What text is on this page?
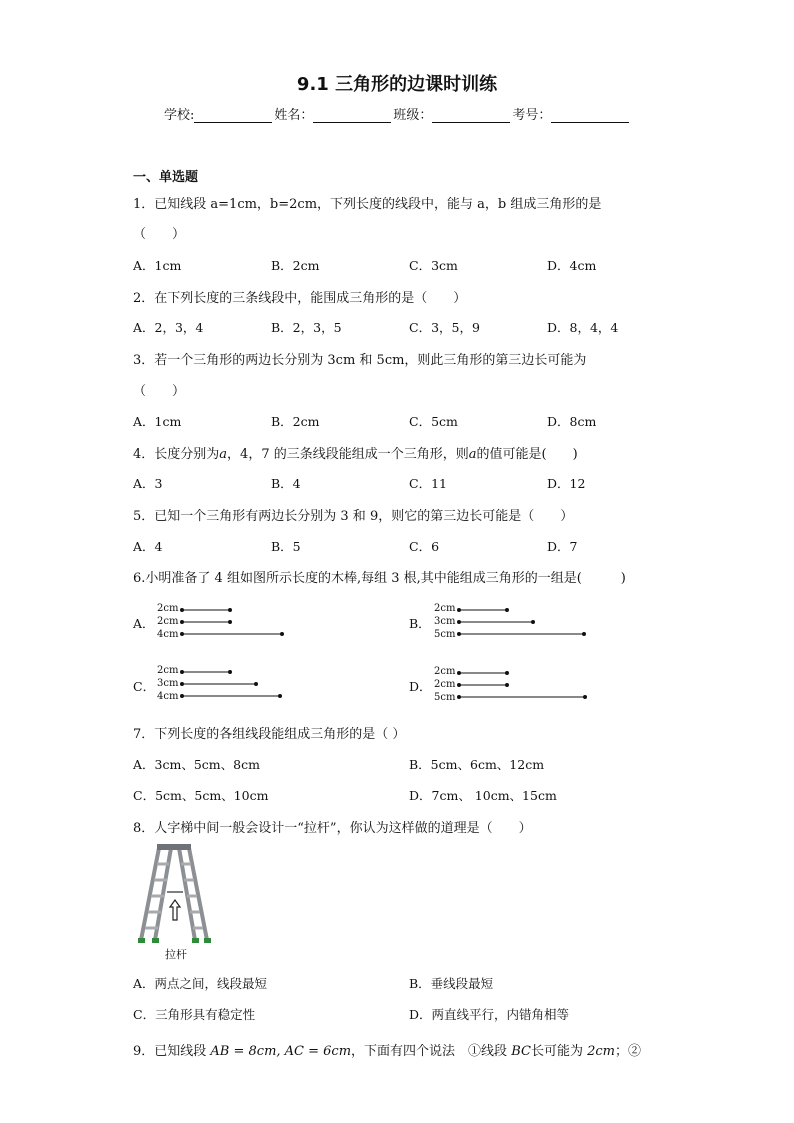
9.1 三角形的边课时训练
学校:	姓名：	班级：	考号：
一、单选题
1．已知线段 a=1cm，b=2cm，下列长度的线段中，能与 a，b 组成三角形的是
（　　）
A．1cm	B．2cm	C．3cm	D．4cm
2．在下列长度的三条线段中，能围成三角形的是（　　）
A．2，3，4	B．2，3，5	C．3，5，9	D．8，4，4
3．若一个三角形的两边长分别为 3cm 和 5cm，则此三角形的第三边长可能为
（　　）
A．1cm	B．2cm	C．5cm	D．8cm
4．长度分别为a，4，7 的三条线段能组成一个三角形，则a的值可能是(　　)
A．3	B．4	C．11	D．12
5．已知一个三角形有两边长分别为 3 和 9，则它的第三边长可能是（　　）
A．4	B．5	C．6	D．7
6.小明准备了 4 组如图所示长度的木棒,每组 3 根,其中能组成三角形的一组是(　　　)
A．
2cm
2cm
4cm
B．
2cm
3cm
5cm
C．
2cm
3cm
4cm
D．
2cm
2cm
5cm
7．下列长度的各组线段能组成三角形的是（ ）
A．3cm、5cm、8cm	B．5cm、6cm、12cm
C．5cm、5cm、10cm	D．7cm、 10cm、15cm
8．人字梯中间一般会设计一“拉杆”，你认为这样做的道理是（　　）
拉杆
A．两点之间，线段最短	B．垂线段最短
C．三角形具有稳定性	D．两直线平行，内错角相等
9．已知线段 AB = 8cm, AC = 6cm，下面有四个说法　①线段 BC长可能为 2cm；②
